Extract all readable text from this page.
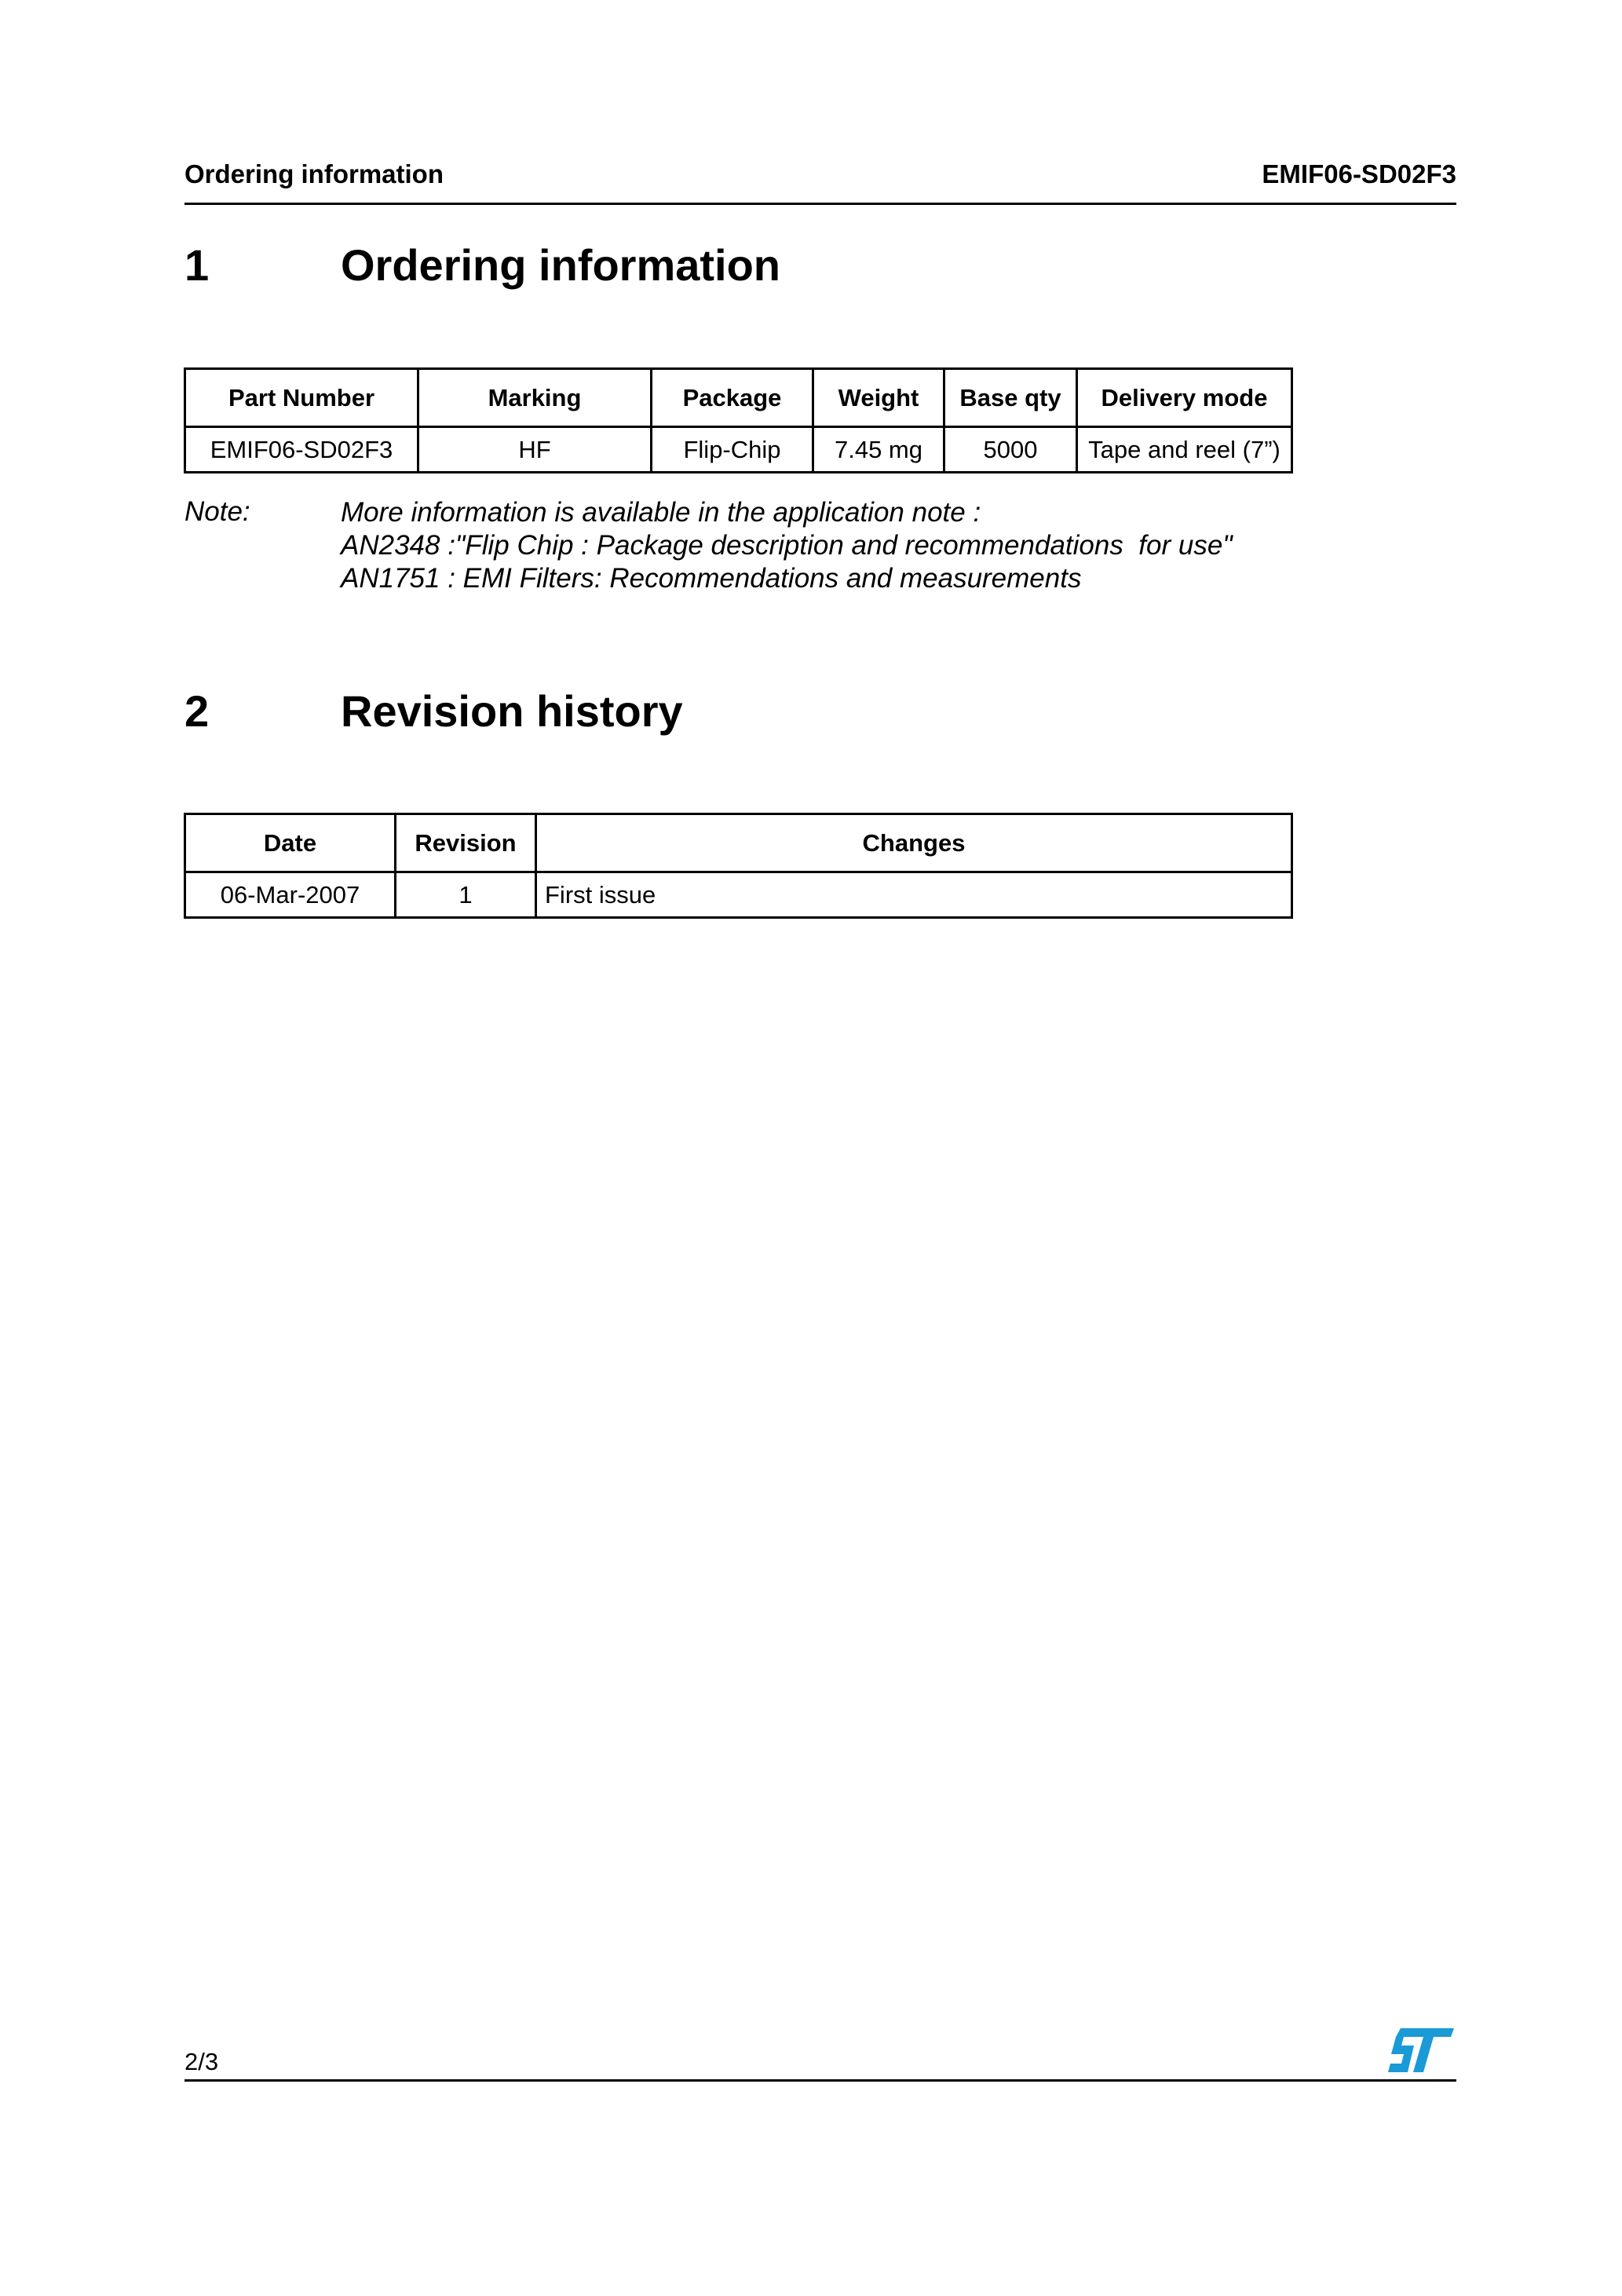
Ordering information	EMIF06-SD02F3
1	Ordering information
Part Number	Marking	Package	Weight	Base qty	Delivery mode
EMIF06-SD02F3	HF	Flip-Chip	7.45 mg	5000	Tape and reel (7”)
Note:	More information is available in the application note :
AN2348 :"Flip Chip : Package description and recommendations  for use"
AN1751 : EMI Filters: Recommendations and measurements
2	Revision history
Date	Revision	Changes
06-Mar-2007	1	First issue
2/3
